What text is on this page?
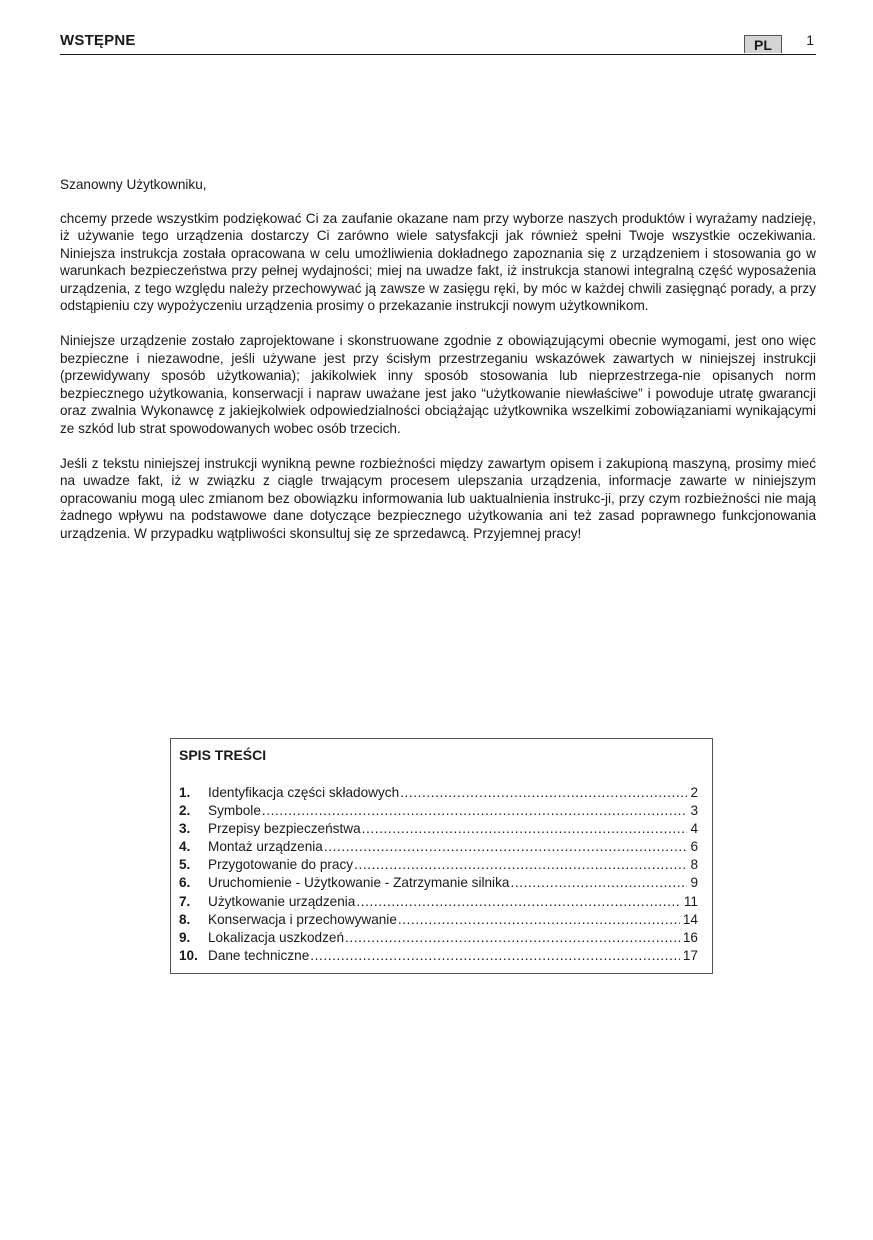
WSTĘPNE	PL	1

Szanowny Użytkowniku,

chcemy przede wszystkim podziękować Ci za zaufanie okazane nam przy wyborze naszych produktów i wyrażamy nadzieję, iż używanie tego urządzenia dostarczy Ci zarówno wiele satysfakcji jak również spełni Twoje wszystkie oczekiwania. Niniejsza instrukcja została opracowana w celu umożliwienia dokładnego zapoznania się z urządzeniem i stosowania go w warunkach bezpieczeństwa przy pełnej wydajności; miej na uwadze fakt, iż instrukcja stanowi integralną część wyposażenia urządzenia, z tego względu należy przechowywać ją zawsze w zasięgu ręki, by móc w każdej chwili zasięgnąć porady, a przy odstąpieniu czy wypożyczeniu urządzenia prosimy o przekazanie instrukcji nowym użytkownikom.

Niniejsze urządzenie zostało zaprojektowane i skonstruowane zgodnie z obowiązującymi obecnie wymogami, jest ono więc bezpieczne i niezawodne, jeśli używane jest przy ścisłym przestrzeganiu wskazówek zawartych w niniejszej instrukcji (przewidywany sposób użytkowania); jakikolwiek inny sposób stosowania lub nieprzestrzega-nie opisanych norm bezpiecznego użytkowania, konserwacji i napraw uważane jest jako “użytkowanie niewłaściwe” i powoduje utratę gwarancji oraz zwalnia Wykonawcę z jakiejkolwiek odpowiedzialności obciążając użytkownika wszelkimi zobowiązaniami wynikającymi ze szkód lub strat spowodowanych wobec osób trzecich.

Jeśli z tekstu niniejszej instrukcji wynikną pewne rozbieżności między zawartym opisem i zakupioną maszyną, prosimy mieć na uwadze fakt, iż w związku z ciągle trwającym procesem ulepszania urządzenia, informacje zawarte w niniejszym opracowaniu mogą ulec zmianom bez obowiązku informowania lub uaktualnienia instrukc-ji, przy czym rozbieżności nie mają żadnego wpływu na podstawowe dane dotyczące bezpiecznego użytkowania ani też zasad poprawnego funkcjonowania urządzenia. W przypadku wątpliwości skonsultuj się ze sprzedawcą. Przyjemnej pracy!

SPIS TREŚCI
1.	Identyfikacja części składowych .....	2
2.	Symbole .....	3
3.	Przepisy bezpieczeństwa .....	4
4.	Montaż urządzenia .....	6
5.	Przygotowanie do pracy .....	8
6.	Uruchomienie - Użytkowanie - Zatrzymanie silnika .....	9
7.	Użytkowanie urządzenia .....	11
8.	Konserwacja i przechowywanie .....	14
9.	Lokalizacja uszkodzeń .....	16
10. Dane techniczne .....	17
